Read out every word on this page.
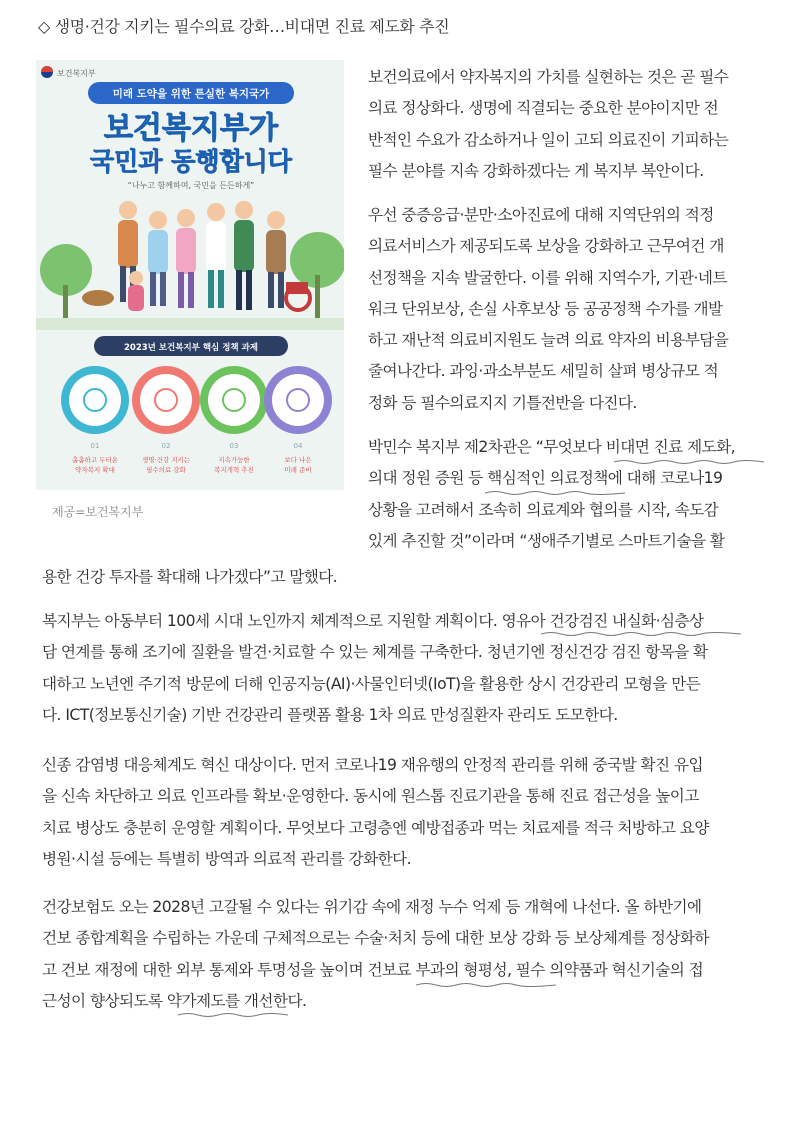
◇ 생명·건강 지키는 필수의료 강화…비대면 진료 제도화 추진
보건복지부
미래 도약을 위한 튼실한 복지국가
보건복지부가
국민과 동행합니다
“나누고 함께하며, 국민을 든든하게”
2023년 보건복지부 핵심 정책 과제
01
촘촘하고 두터운
약자복지 확대
02
생명·건강 지키는
필수의료 강화
03
지속가능한
복지개혁 추진
04
보다 나은
미래 준비
제공=보건복지부

보건의료에서 약자복지의 가치를 실현하는 것은 곧 필수
의료 정상화다. 생명에 직결되는 중요한 분야이지만 전
반적인 수요가 감소하거나 일이 고되 의료진이 기피하는
필수 분야를 지속 강화하겠다는 게 복지부 복안이다.

우선 중증응급·분만·소아진료에 대해 지역단위의 적정
의료서비스가 제공되도록 보상을 강화하고 근무여건 개
선정책을 지속 발굴한다. 이를 위해 지역수가, 기관·네트
워크 단위보상, 손실 사후보상 등 공공정책 수가를 개발
하고 재난적 의료비지원도 늘려 의료 약자의 비용부담을
줄여나간다. 과잉·과소부분도 세밀히 살펴 병상규모 적
정화 등 필수의료지지 기틀전반을 다진다.

박민수 복지부 제2차관은 “무엇보다 비대면 진료 제도화,
의대 정원 증원 등 핵심적인 의료정책에 대해 코로나19
상황을 고려해서 조속히 의료계와 협의를 시작, 속도감
있게 추진할 것”이라며 “생애주기별로 스마트기술을 활

용한 건강 투자를 확대해 나가겠다”고 말했다.

복지부는 아동부터 100세 시대 노인까지 체계적으로 지원할 계획이다. 영유아 건강검진 내실화·심층상
담 연계를 통해 조기에 질환을 발견·치료할 수 있는 체계를 구축한다. 청년기엔 정신건강 검진 항목을 확
대하고 노년엔 주기적 방문에 더해 인공지능(AI)·사물인터넷(IoT)을 활용한 상시 건강관리 모형을 만든
다. ICT(정보통신기술) 기반 건강관리 플랫폼 활용 1차 의료 만성질환자 관리도 도모한다.

신종 감염병 대응체계도 혁신 대상이다. 먼저 코로나19 재유행의 안정적 관리를 위해 중국발 확진 유입
을 신속 차단하고 의료 인프라를 확보·운영한다. 동시에 원스톱 진료기관을 통해 진료 접근성을 높이고
치료 병상도 충분히 운영할 계획이다. 무엇보다 고령층엔 예방접종과 먹는 치료제를 적극 처방하고 요양
병원·시설 등에는 특별히 방역과 의료적 관리를 강화한다.

건강보험도 오는 2028년 고갈될 수 있다는 위기감 속에 재정 누수 억제 등 개혁에 나선다. 올 하반기에
건보 종합계획을 수립하는 가운데 구체적으로는 수술·처치 등에 대한 보상 강화 등 보상체계를 정상화하
고 건보 재정에 대한 외부 통제와 투명성을 높이며 건보료 부과의 형평성, 필수 의약품과 혁신기술의 접
근성이 향상되도록 약가제도를 개선한다.
